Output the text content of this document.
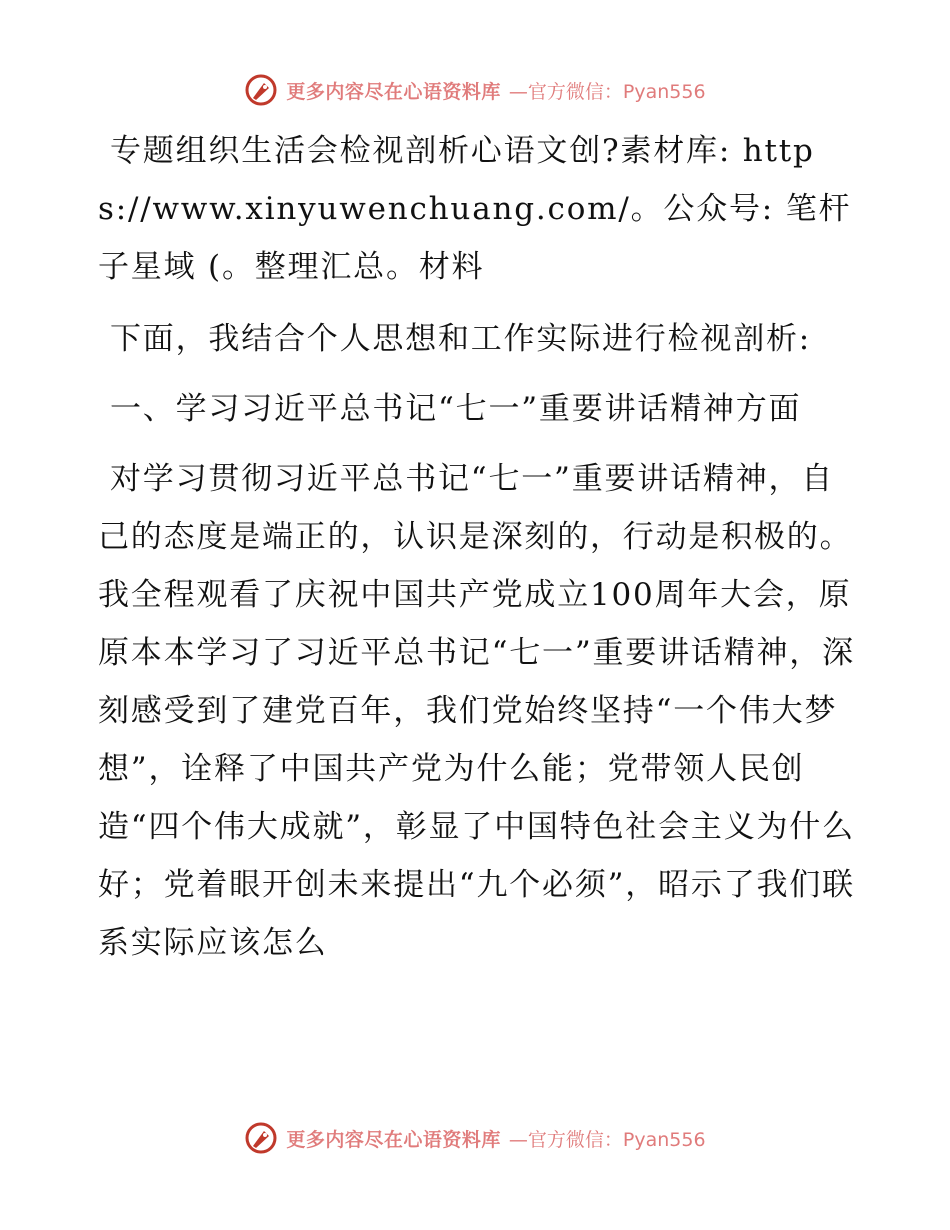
更多内容尽在心语资料库 —官方微信：Pyan556

专题组织生活会检视剖析心语文创?素材库: https://www.xinyuwenchuang.com/。公众号: 笔杆子星域 (。整理汇总。材料

下面，我结合个人思想和工作实际进行检视剖析:

一、学习习近平总书记“七一”重要讲话精神方面

对学习贯彻习近平总书记“七一”重要讲话精神，自己的态度是端正的，认识是深刻的，行动是积极的。我全程观看了庆祝中国共产党成立100周年大会，原原本本学习了习近平总书记“七一”重要讲话精神，深刻感受到了建党百年，我们党始终坚持“一个伟大梦想”，诠释了中国共产党为什么能；党带领人民创造“四个伟大成就”，彰显了中国特色社会主义为什么好；党着眼开创未来提出“九个必须”，昭示了我们联系实际应该怎么

更多内容尽在心语资料库 —官方微信：Pyan556
